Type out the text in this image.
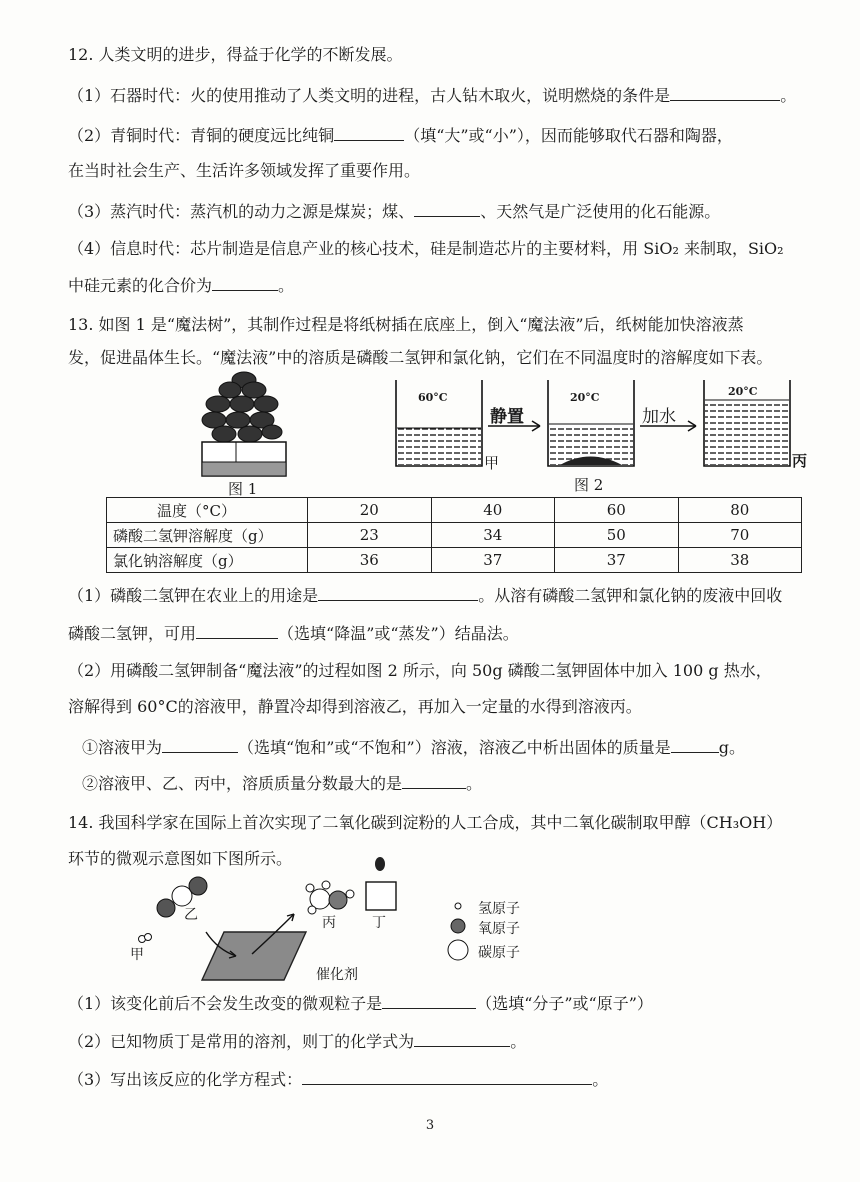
12. 人类文明的进步，得益于化学的不断发展。
（1）石器时代：火的使用推动了人类文明的进程，古人钻木取火，说明燃烧的条件是	。
（2）青铜时代：青铜的硬度远比纯铜	（填“大”或“小”），因而能够取代石器和陶器，
在当时社会生产、生活许多领域发挥了重要作用。
（3）蒸汽时代：蒸汽机的动力之源是煤炭；煤、	、天然气是广泛使用的化石能源。
（4）信息时代：芯片制造是信息产业的核心技术，硅是制造芯片的主要材料，用 SiO₂ 来制取，SiO₂
中硅元素的化合价为	。
13. 如图 1 是“魔法树”，其制作过程是将纸树插在底座上，倒入“魔法液”后，纸树能加快溶液蒸
发，促进晶体生长。“魔法液”中的溶质是磷酸二氢钾和氯化钠，它们在不同温度时的溶解度如下表。
图 1
60°C	20°C	20°C
静置	加水
甲	丙
图 2
温度（°C）	20	40	60	80
磷酸二氢钾溶解度（g）	23	34	50	70
氯化钠溶解度（g）	36	37	37	38
（1）磷酸二氢钾在农业上的用途是	。从溶有磷酸二氢钾和氯化钠的废液中回收
磷酸二氢钾，可用	（选填“降温”或“蒸发”）结晶法。
（2）用磷酸二氢钾制备“魔法液”的过程如图 2 所示，向 50g 磷酸二氢钾固体中加入 100 g 热水，
溶解得到 60°C的溶液甲，静置冷却得到溶液乙，再加入一定量的水得到溶液丙。
①溶液甲为	（选填“饱和”或“不饱和”）溶液，溶液乙中析出固体的质量是	g。
②溶液甲、乙、丙中，溶质质量分数最大的是	。
14. 我国科学家在国际上首次实现了二氧化碳到淀粉的人工合成，其中二氧化碳制取甲醇（CH₃OH）
环节的微观示意图如下图所示。
乙
甲
丙	丁
氢原子
氧原子
碳原子
催化剂
（1）该变化前后不会发生改变的微观粒子是	（选填“分子”或“原子”）
（2）已知物质丁是常用的溶剂，则丁的化学式为	。
（3）写出该反应的化学方程式：	。
3
